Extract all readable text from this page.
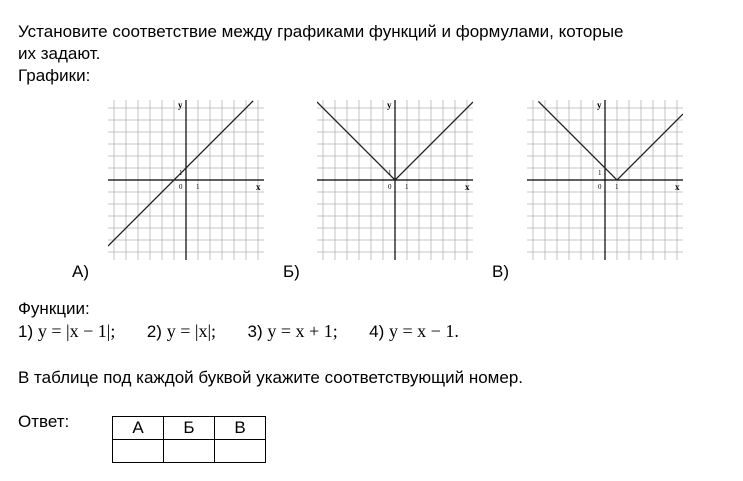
Установите соответствие между графиками функций и формулами, которые
их задают.
Графики:
x
y
0 1
1
x
y
0 1
1
x
y
0 1
1
А)	Б)	В)
Функции:
1) y = |x − 1|; 2) y = |x|; 3) y = x + 1; 4) y = x − 1.
В таблице под каждой буквой укажите соответствующий номер.
Ответ:	А	Б	В
